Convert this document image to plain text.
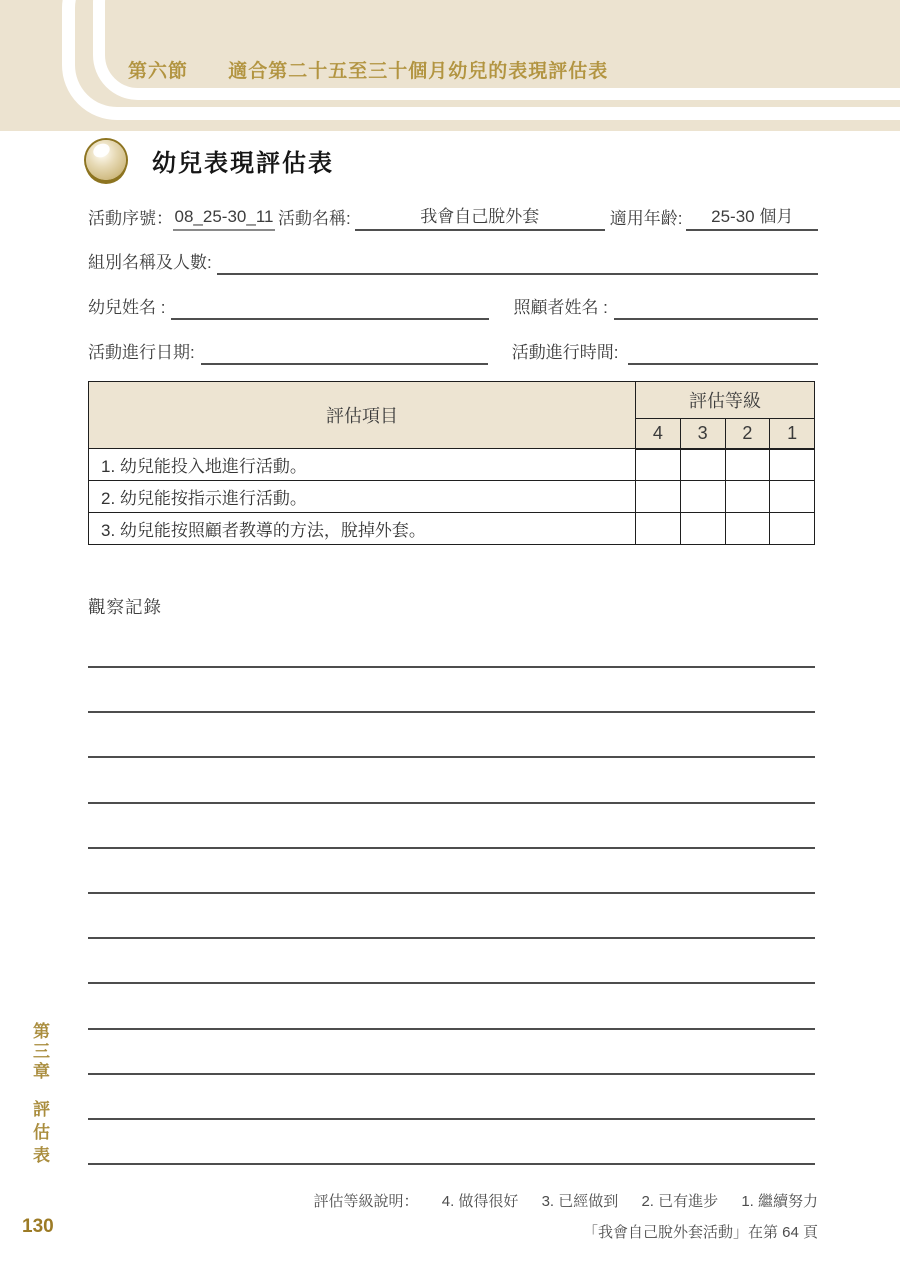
第六節 適合第二十五至三十個月幼兒的表現評估表
幼兒表現評估表
活動序號： 08_25-30_11 活動名稱:	我會自己脫外套	適用年齡:	25-30 個月
組別名稱及人數:
幼兒姓名 :	照顧者姓名 :
活動進行日期:	活動進行時間:
評估項目	評估等級			
	4	3	2	1
1. 幼兒能投入地進行活動。				
2. 幼兒能按指示進行活動。				
3. 幼兒能按照顧者教導的方法，脫掉外套。				
觀察記錄
第三章
評估表
130
評估等級說明： 4. 做得很好 3. 已經做到 2. 已有進步 1. 繼續努力
「我會自己脫外套活動」在第 64 頁
